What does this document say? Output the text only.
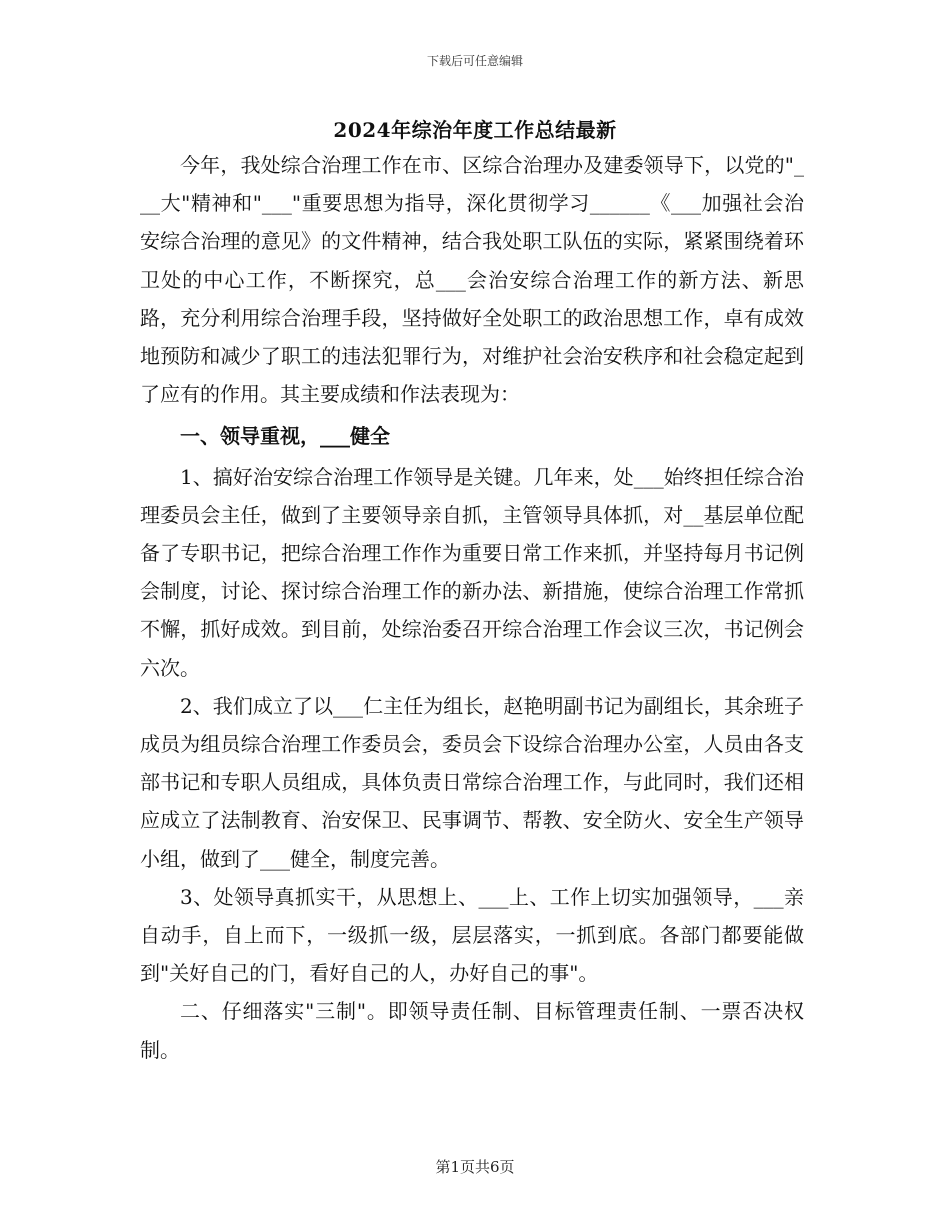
下载后可任意编辑
2024年综治年度工作总结最新

今年，我处综合治理工作在市、区综合治理办及建委领导下，以党的"___大"精神和"___"重要思想为指导，深化贯彻学习______《___加强社会治安综合治理的意见》的文件精神，结合我处职工队伍的实际，紧紧围绕着环卫处的中心工作，不断探究，总___会治安综合治理工作的新方法、新思路，充分利用综合治理手段，坚持做好全处职工的政治思想工作，卓有成效地预防和减少了职工的违法犯罪行为，对维护社会治安秩序和社会稳定起到了应有的作用。其主要成绩和作法表现为：

一、领导重视，___健全

1、搞好治安综合治理工作领导是关键。几年来，处___始终担任综合治理委员会主任，做到了主要领导亲自抓，主管领导具体抓，对__基层单位配备了专职书记，把综合治理工作作为重要日常工作来抓，并坚持每月书记例会制度，讨论、探讨综合治理工作的新办法、新措施，使综合治理工作常抓不懈，抓好成效。到目前，处综治委召开综合治理工作会议三次，书记例会六次。

2、我们成立了以___仁主任为组长，赵艳明副书记为副组长，其余班子成员为组员综合治理工作委员会，委员会下设综合治理办公室，人员由各支部书记和专职人员组成，具体负责日常综合治理工作，与此同时，我们还相应成立了法制教育、治安保卫、民事调节、帮教、安全防火、安全生产领导小组，做到了___健全，制度完善。

3、处领导真抓实干，从思想上、___上、工作上切实加强领导，___亲自动手，自上而下，一级抓一级，层层落实，一抓到底。各部门都要能做到"关好自己的门，看好自己的人，办好自己的事"。

二、仔细落实"三制"。即领导责任制、目标管理责任制、一票否决权制。

第1页共6页
